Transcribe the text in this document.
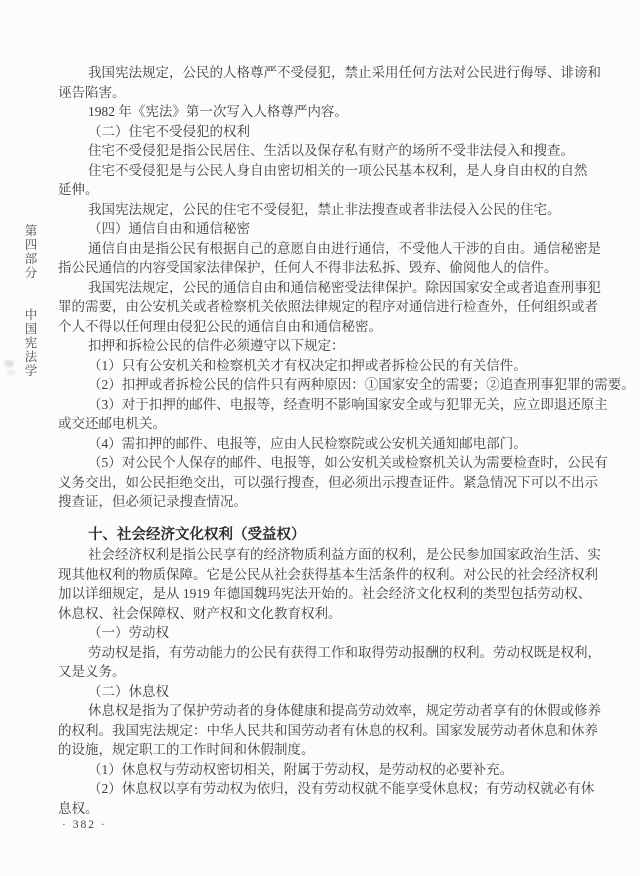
第四部分 中国宪法学
我国宪法规定，公民的人格尊严不受侵犯，禁止采用任何方法对公民进行侮辱、诽谤和
诬告陷害。
1982 年《宪法》第一次写入人格尊严内容。
（二）住宅不受侵犯的权利
住宅不受侵犯是指公民居住、生活以及保存私有财产的场所不受非法侵入和搜查。
住宅不受侵犯是与公民人身自由密切相关的一项公民基本权利，是人身自由权的自然
延伸。
我国宪法规定，公民的住宅不受侵犯，禁止非法搜查或者非法侵入公民的住宅。
（四）通信自由和通信秘密
通信自由是指公民有根据自己的意愿自由进行通信，不受他人干涉的自由。通信秘密是
指公民通信的内容受国家法律保护，任何人不得非法私拆、毁弃、偷阅他人的信件。
我国宪法规定，公民的通信自由和通信秘密受法律保护。除因国家安全或者追查刑事犯
罪的需要，由公安机关或者检察机关依照法律规定的程序对通信进行检查外，任何组织或者
个人不得以任何理由侵犯公民的通信自由和通信秘密。
扣押和拆检公民的信件必须遵守以下规定：
（1）只有公安机关和检察机关才有权决定扣押或者拆检公民的有关信件。
（2）扣押或者拆检公民的信件只有两种原因：①国家安全的需要；②追查刑事犯罪的需要。
（3）对于扣押的邮件、电报等，经查明不影响国家安全或与犯罪无关，应立即退还原主
或交还邮电机关。
（4）需扣押的邮件、电报等，应由人民检察院或公安机关通知邮电部门。
（5）对公民个人保存的邮件、电报等，如公安机关或检察机关认为需要检查时，公民有
义务交出，如公民拒绝交出，可以强行搜查，但必须出示搜查证件。紧急情况下可以不出示
搜查证，但必须记录搜查情况。
十、社会经济文化权利（受益权）
社会经济权利是指公民享有的经济物质利益方面的权利，是公民参加国家政治生活、实
现其他权利的物质保障。它是公民从社会获得基本生活条件的权利。对公民的社会经济权利
加以详细规定，是从 1919 年德国魏玛宪法开始的。社会经济文化权利的类型包括劳动权、
休息权、社会保障权、财产权和文化教育权利。
（一）劳动权
劳动权是指，有劳动能力的公民有获得工作和取得劳动报酬的权利。劳动权既是权利，
又是义务。
（二）休息权
休息权是指为了保护劳动者的身体健康和提高劳动效率，规定劳动者享有的休假或修养
的权利。我国宪法规定：中华人民共和国劳动者有休息的权利。国家发展劳动者休息和休养
的设施，规定职工的工作时间和休假制度。
（1）休息权与劳动权密切相关，附属于劳动权，是劳动权的必要补充。
（2）休息权以享有劳动权为依归，没有劳动权就不能享受休息权；有劳动权就必有休
息权。
· 382 ·
